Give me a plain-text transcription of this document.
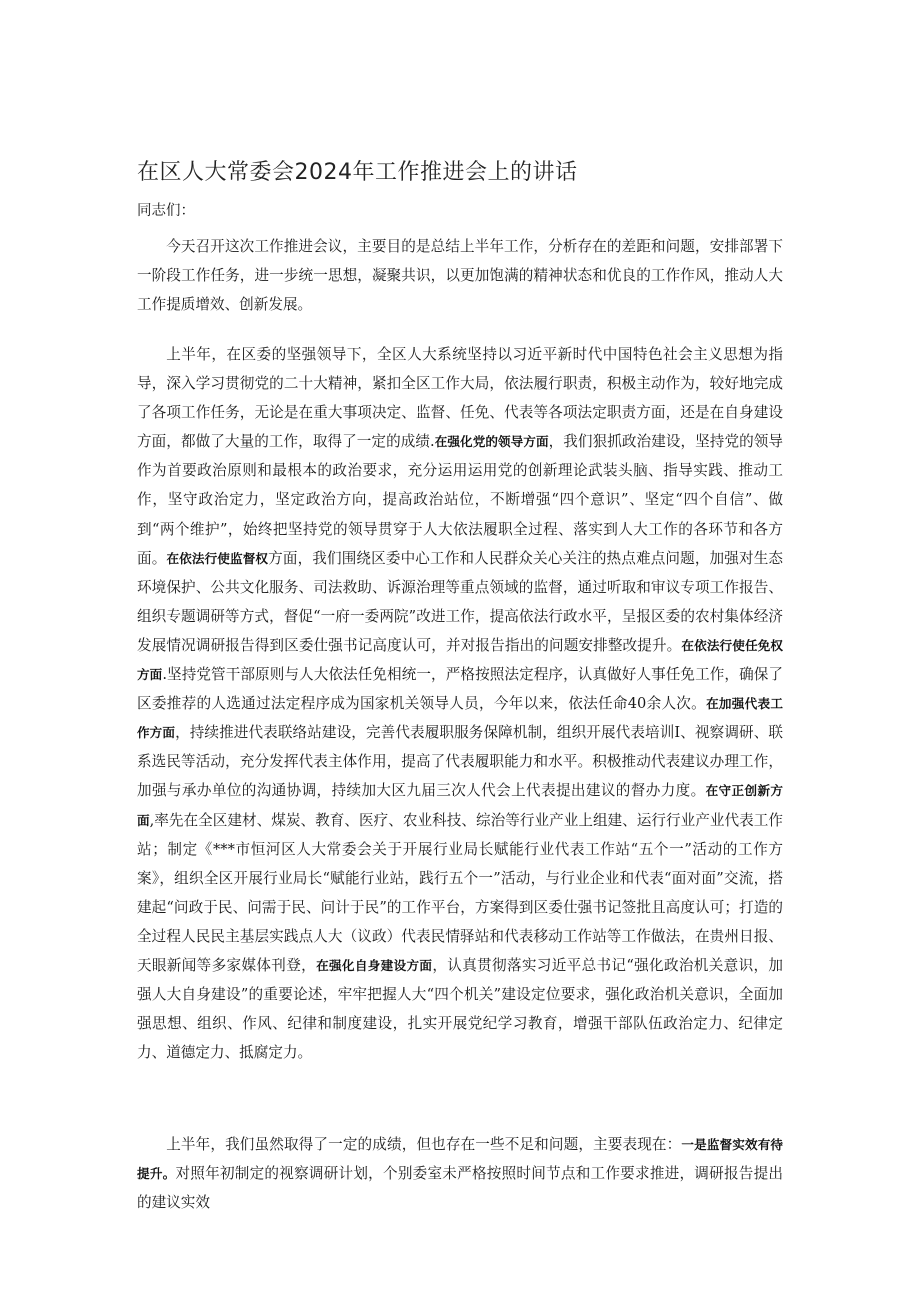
在区人大常委会2024年工作推进会上的讲话
同志们：

今天召开这次工作推进会议，主要目的是总结上半年工作，分析存在的差距和问题，安排部署下一阶段工作任务，进一步统一思想，凝聚共识，以更加饱满的精神状态和优良的工作作风，推动人大工作提质增效、创新发展。

上半年，在区委的坚强领导下，全区人大系统坚持以习近平新时代中国特色社会主义思想为指导，深入学习贯彻党的二十大精神，紧扣全区工作大局，依法履行职责，积极主动作为，较好地完成了各项工作任务，无论是在重大事项决定、监督、任免、代表等各项法定职责方面，还是在自身建设方面，都做了大量的工作，取得了一定的成绩.在强化党的领导方面，我们狠抓政治建设，坚持党的领导作为首要政治原则和最根本的政治要求，充分运用运用党的创新理论武装头脑、指导实践、推动工作，坚守政治定力，坚定政治方向，提高政治站位，不断增强“四个意识”、坚定“四个自信”、做到“两个维护”，始终把坚持党的领导贯穿于人大依法履职全过程、落实到人大工作的各环节和各方面。在依法行使监督权方面，我们围绕区委中心工作和人民群众关心关注的热点难点问题，加强对生态环境保护、公共文化服务、司法救助、诉源治理等重点领域的监督，通过听取和审议专项工作报告、组织专题调研等方式，督促“一府一委两院”改进工作，提高依法行政水平，呈报区委的农村集体经济发展情况调研报告得到区委仕强书记高度认可，并对报告指出的问题安排整改提升。在依法行使任免权方面.坚持党管干部原则与人大依法任免相统一，严格按照法定程序，认真做好人事任免工作，确保了区委推荐的人选通过法定程序成为国家机关领导人员，今年以来，依法任命40余人次。在加强代表工作方面，持续推进代表联络站建设，完善代表履职服务保障机制，组织开展代表培训I、视察调研、联系选民等活动，充分发挥代表主体作用，提高了代表履职能力和水平。积极推动代表建议办理工作，加强与承办单位的沟通协调，持续加大区九届三次人代会上代表提出建议的督办力度。在守正创新方面,率先在全区建材、煤炭、教育、医疗、农业科技、综治等行业产业上组建、运行行业产业代表工作站；制定《***市恒河区人大常委会关于开展行业局长赋能行业代表工作站“五个一”活动的工作方案》，组织全区开展行业局长“赋能行业站，践行五个一”活动，与行业企业和代表“面对面”交流，搭建起“问政于民、问需于民、问计于民”的工作平台，方案得到区委仕强书记签批且高度认可；打造的全过程人民民主基层实践点人大（议政）代表民情驿站和代表移动工作站等工作做法，在贵州日报、天眼新闻等多家媒体刊登，在强化自身建设方面，认真贯彻落实习近平总书记“强化政治机关意识，加强人大自身建设”的重要论述，牢牢把握人大“四个机关”建设定位要求，强化政治机关意识，全面加强思想、组织、作风、纪律和制度建设，扎实开展党纪学习教育，增强干部队伍政治定力、纪律定力、道德定力、抵腐定力。

上半年，我们虽然取得了一定的成绩，但也存在一些不足和问题，主要表现在：一是监督实效有待提升。对照年初制定的视察调研计划，个别委室未严格按照时间节点和工作要求推进，调研报告提出的建议实效
